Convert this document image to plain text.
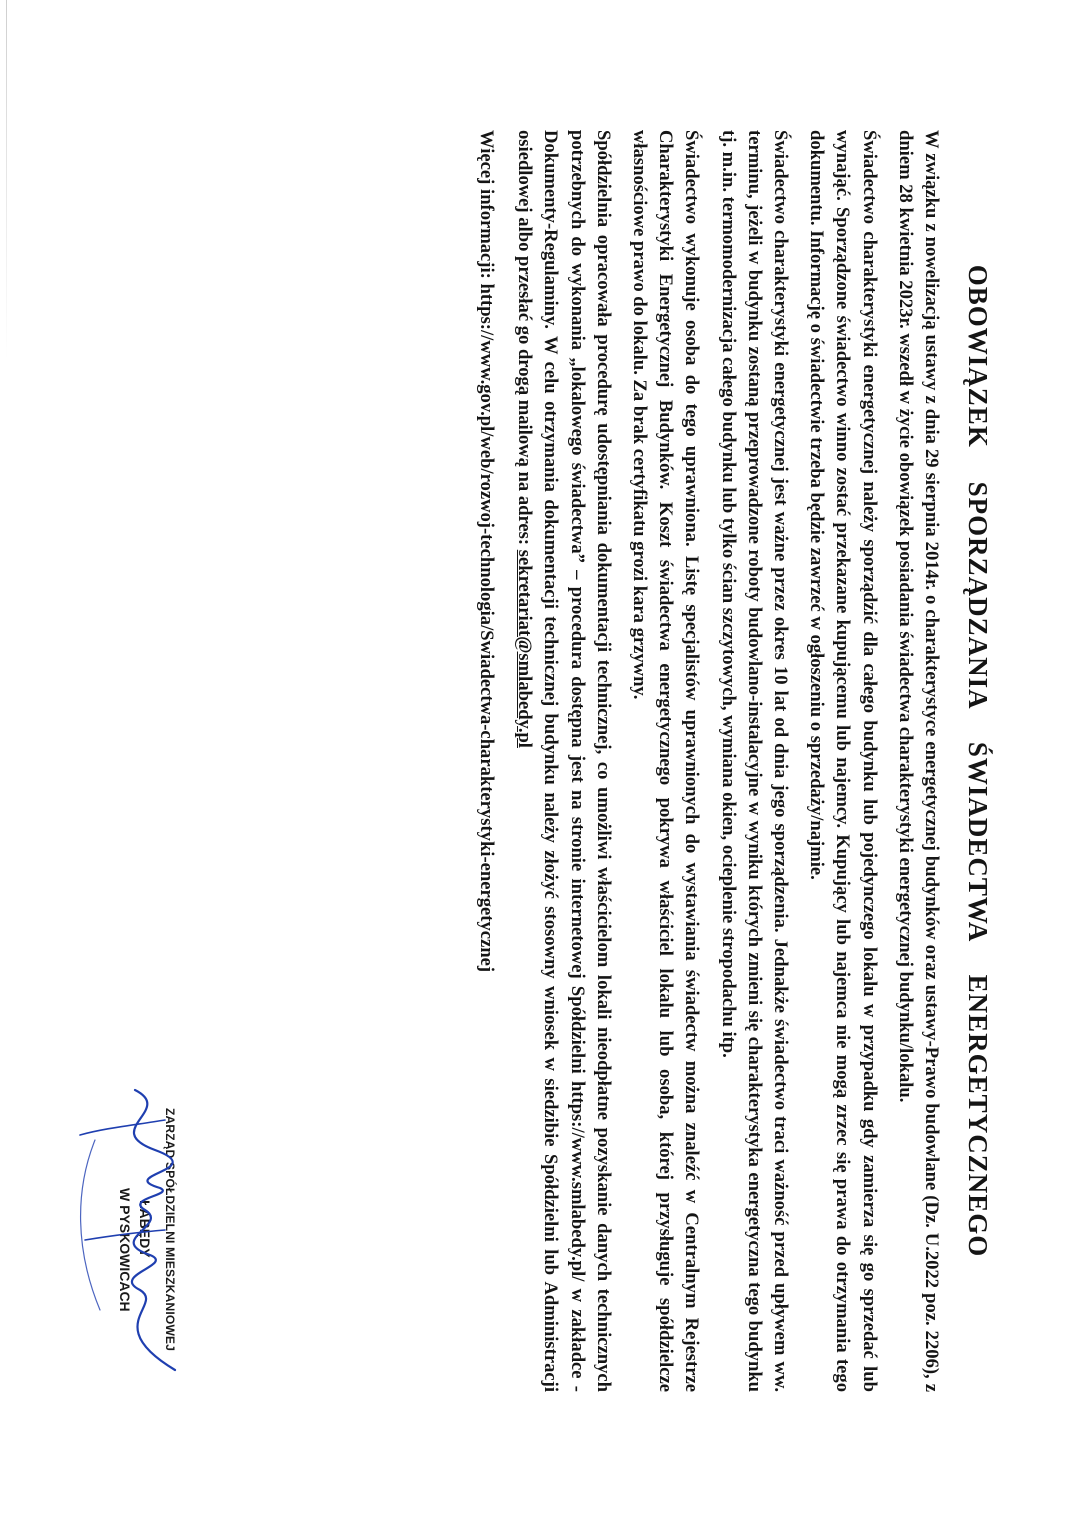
OBOWIĄZEK SPORZĄDZANIA ŚWIADECTWA ENERGETYCZNEGO

W związku z nowelizacją ustawy z dnia 29 sierpnia 2014r. o charakterystyce energetycznej budynków oraz ustawy-Prawo budowlane (Dz. U.2022 poz. 2206), z dniem 28 kwietnia 2023r. wszedł w życie obowiązek posiadania świadectwa charakterystyki energetycznej budynku/lokalu.

Świadectwo charakterystyki energetycznej należy sporządzić dla całego budynku lub pojedynczego lokalu w przypadku gdy zamierza się go sprzedać lub wynająć. Sporządzone świadectwo winno zostać przekazane kupującemu lub najemcy. Kupujący lub najemca nie mogą zrzec się prawa do otrzymania tego dokumentu. Informację o świadectwie trzeba będzie zawrzeć w ogłoszeniu o sprzedaży/najmie.

Świadectwo charakterystyki energetycznej jest ważne przez okres 10 lat od dnia jego sporządzenia. Jednakże świadectwo traci ważność przed upływem ww. terminu, jeżeli w budynku zostaną przeprowadzone roboty budowlano-instalacyjne w wyniku których zmieni się charakterystyka energetyczna tego budynku tj. m.in. termomodernizacja całego budynku lub tylko ścian szczytowych, wymiana okien, ocieplenie stropodachu itp.

Świadectwo wykonuje osoba do tego uprawniona. Listę specjalistów uprawnionych do wystawiania świadectw można znaleźć w Centralnym Rejestrze Charakterystyki Energetycznej Budynków. Koszt świadectwa energetycznego pokrywa właściciel lokalu lub osoba, której przysługuje spółdzielcze własnościowe prawo do lokalu. Za brak certyfikatu grozi kara grzywny.

Spółdzielnia opracowała procedurę udostępniania dokumentacji technicznej, co umożliwi właścicielom lokali nieodpłatne pozyskanie danych technicznych potrzebnych do wykonania „lokalowego świadectwa” – procedura dostępna jest na stronie internetowej Spółdzielni https://www.smlabedy.pl/ w zakładce -Dokumenty-Regulaminy. W celu otrzymania dokumentacji technicznej budynku należy złożyć stosowny wniosek w siedzibie Spółdzielni lub Administracji osiedlowej albo przesłać go drogą mailową na adres: sekretariat@smlabedy.pl

Więcej informacji: https://www.gov.pl/web/rozwoj-technologia/Swiadectwa-charakterystyki-energetycznej

ZARZĄD SPÓŁDZIELNI MIESZKANIOWEJ
ŁABĘDY
W PYSKOWICACH
